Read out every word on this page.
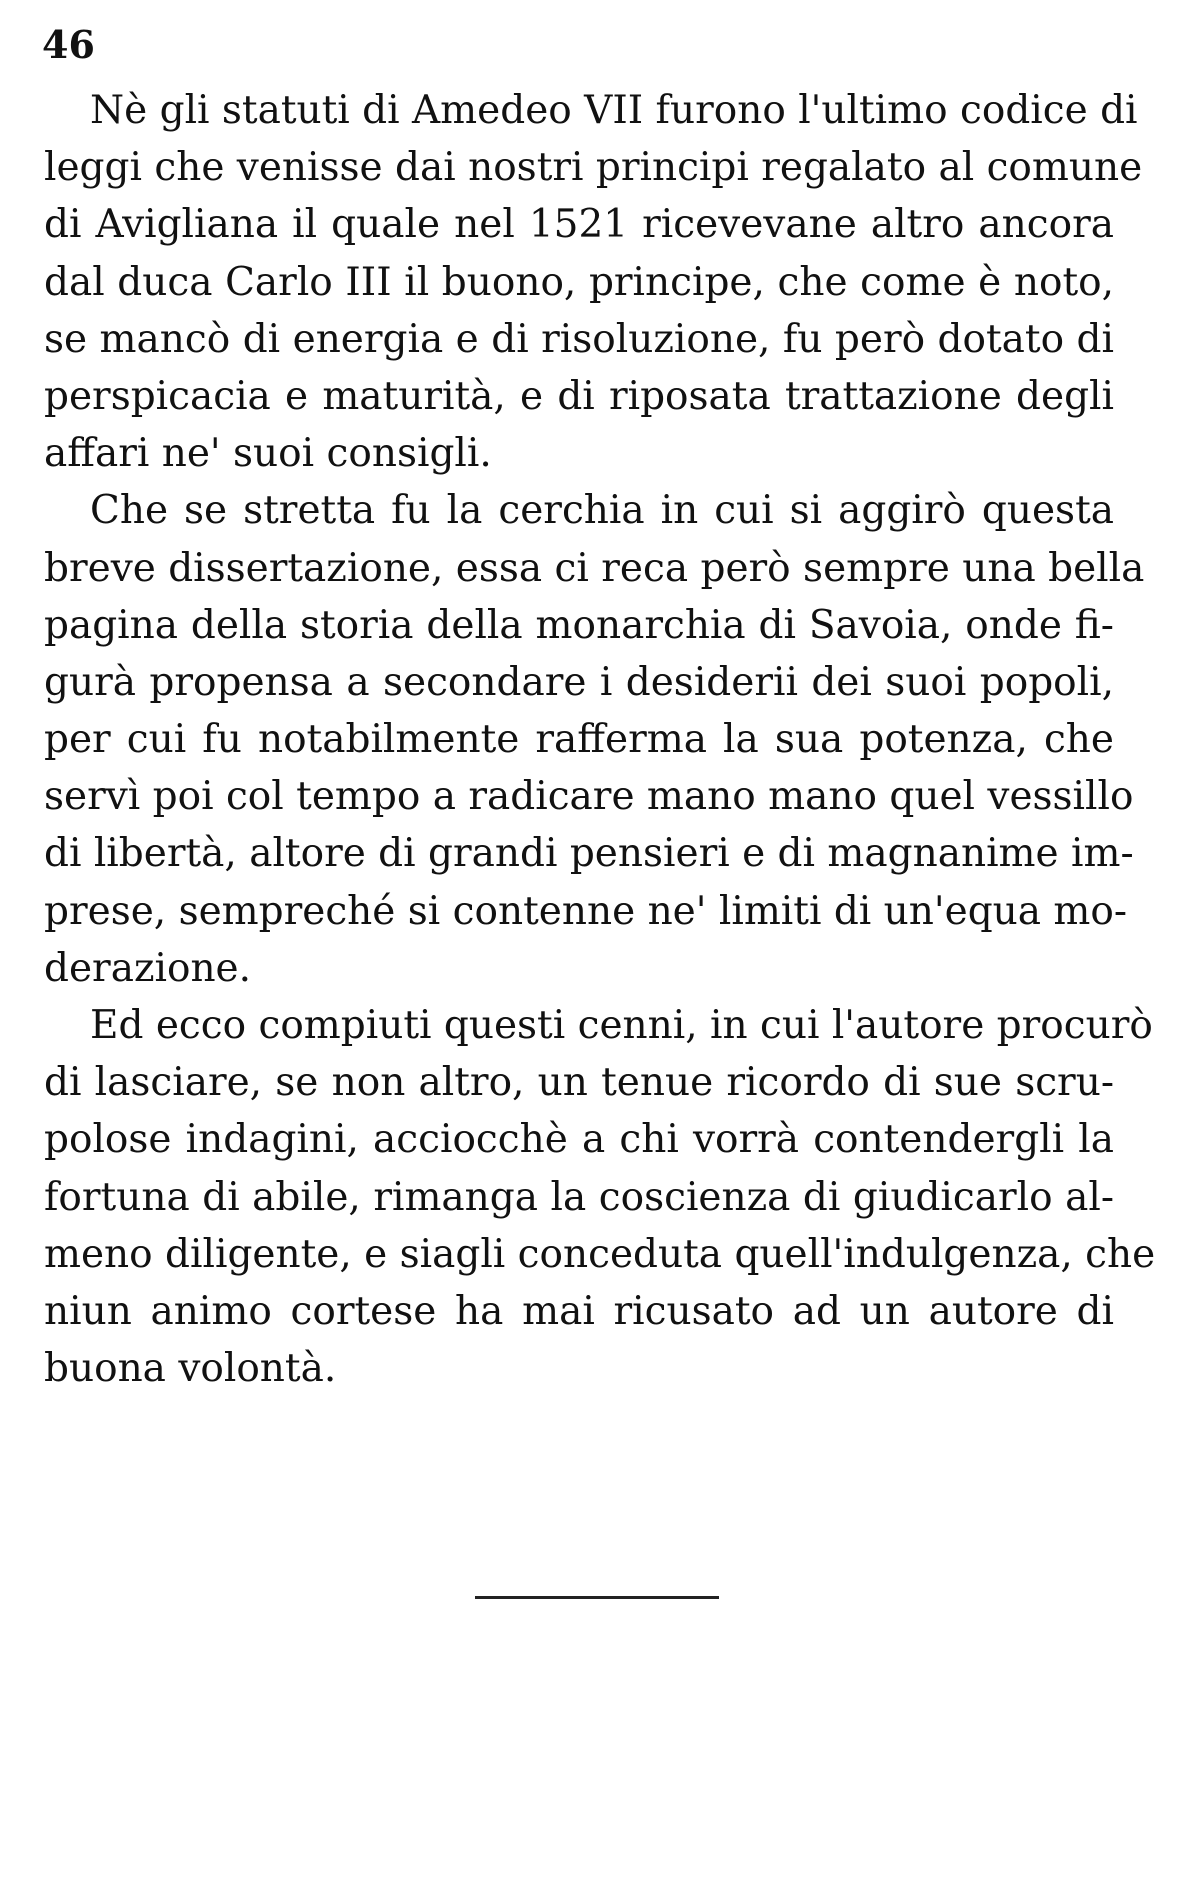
46
Nè gli statuti di Amedeo VII furono l'ultimo codice di
leggi che venisse dai nostri principi regalato al comune
di Avigliana il quale nel 1521 ricevevane altro ancora
dal duca Carlo III il buono, principe, che come è noto,
se mancò di energia e di risoluzione, fu però dotato di
perspicacia e maturità, e di riposata trattazione degli
affari ne' suoi consigli.
Che se stretta fu la cerchia in cui si aggirò questa
breve dissertazione, essa ci reca però sempre una bella
pagina della storia della monarchia di Savoia, onde fi-
gurà propensa a secondare i desiderii dei suoi popoli,
per cui fu notabilmente rafferma la sua potenza, che
servì poi col tempo a radicare mano mano quel vessillo
di libertà, altore di grandi pensieri e di magnanime im-
prese, sempreché si contenne ne' limiti di un'equa mo-
derazione.
Ed ecco compiuti questi cenni, in cui l'autore procurò
di lasciare, se non altro, un tenue ricordo di sue scru-
polose indagini, acciocchè a chi vorrà contendergli la
fortuna di abile, rimanga la coscienza di giudicarlo al-
meno diligente, e siagli conceduta quell'indulgenza, che
niun animo cortese ha mai ricusato ad un autore di
buona volontà.
